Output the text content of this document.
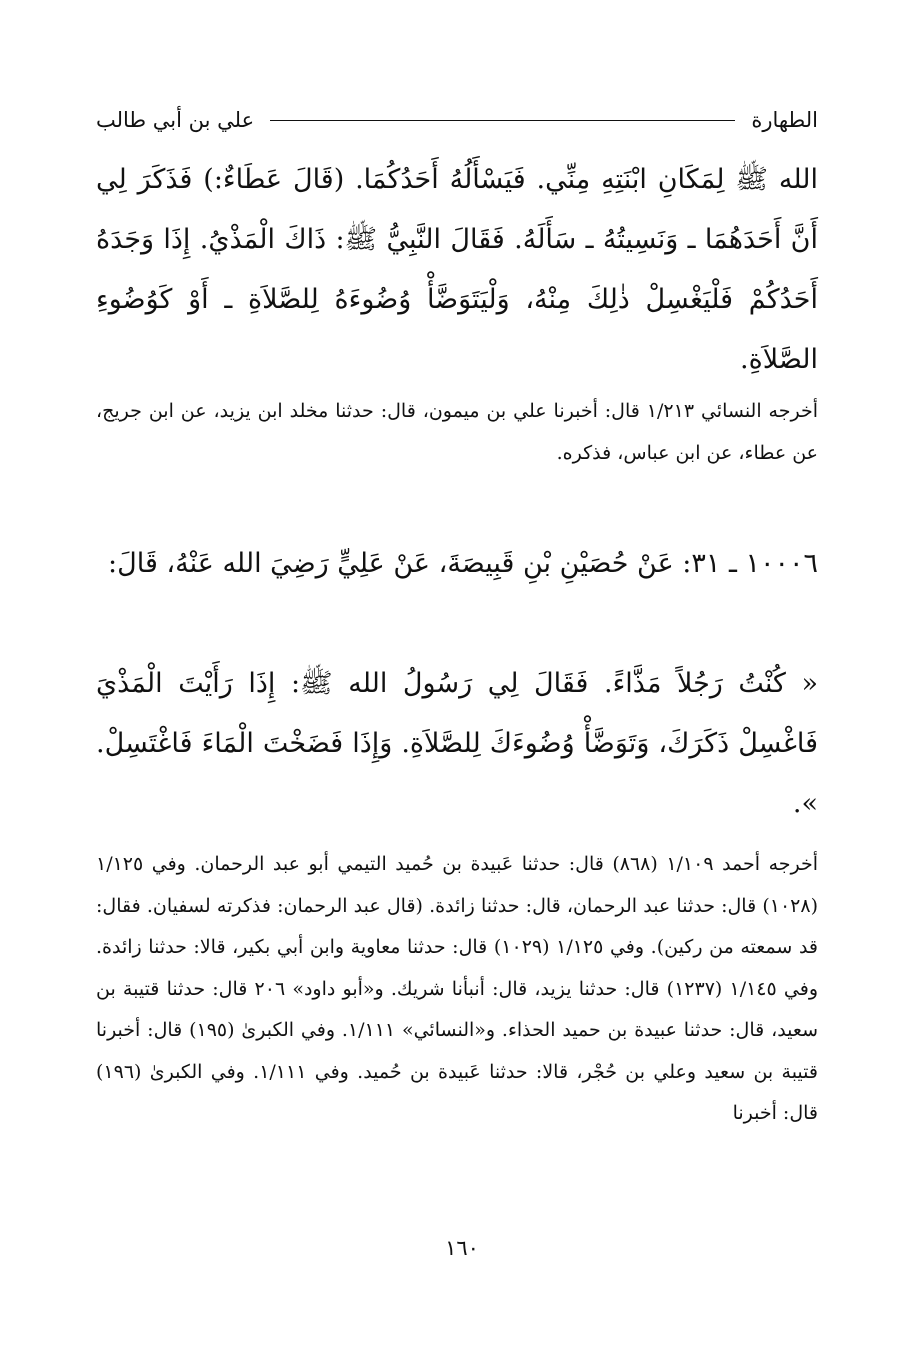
الطهارة
علي بن أبي طالب

الله ﷺ لِمَكَانِ ابْنَتِهِ مِنِّي. فَيَسْأَلُهُ أَحَدُكُمَا. (قَالَ عَطَاءٌ:) فَذَكَرَ لِي أَنَّ أَحَدَهُمَا ـ وَنَسِيتُهُ ـ سَأَلَهُ. فَقَالَ النَّبِيُّ ﷺ: ذَاكَ الْمَذْيُ. إِذَا وَجَدَهُ أَحَدُكُمْ فَلْيَغْسِلْ ذٰلِكَ مِنْهُ، وَلْيَتَوَضَّأْ وُضُوءَهُ لِلصَّلاَةِ ـ أَوْ كَوُضُوءِ الصَّلاَةِ.

أخرجه النسائي ١/٢١٣ قال: أخبرنا علي بن ميمون، قال: حدثنا مخلد ابن يزيد، عن ابن جريج، عن عطاء، عن ابن عباس، فذكره.

١٠٠٠٦ ـ ٣١: عَنْ حُصَيْنِ بْنِ قَبِيصَةَ، عَنْ عَلِيٍّ رَضِيَ الله عَنْهُ، قَالَ:

« كُنْتُ رَجُلاً مَذَّاءً. فَقَالَ لِي رَسُولُ الله ﷺ: إِذَا رَأَيْتَ الْمَذْيَ فَاغْسِلْ ذَكَرَكَ، وَتَوَضَّأْ وُضُوءَكَ لِلصَّلاَةِ. وَإِذَا فَضَخْتَ الْمَاءَ فَاغْتَسِلْ. ».

أخرجه أحمد ١/١٠٩ (٨٦٨) قال: حدثنا عَبيدة بن حُميد التيمي أبو عبد الرحمان. وفي ١/١٢٥ (١٠٢٨) قال: حدثنا عبد الرحمان، قال: حدثنا زائدة. (قال عبد الرحمان: فذكرته لسفيان. فقال: قد سمعته من ركين). وفي ١/١٢٥ (١٠٢٩) قال: حدثنا معاوية وابن أبي بكير، قالا: حدثنا زائدة. وفي ١/١٤٥ (١٢٣٧) قال: حدثنا يزيد، قال: أنبأنا شريك. و«أبو داود» ٢٠٦ قال: حدثنا قتيبة بن سعيد، قال: حدثنا عبيدة بن حميد الحذاء. و«النسائي» ١/١١١. وفي الكبرىٰ (١٩٥) قال: أخبرنا قتيبة بن سعيد وعلي بن حُجْر، قالا: حدثنا عَبيدة بن حُميد. وفي ١/١١١. وفي الكبرىٰ (١٩٦) قال: أخبرنا

١٦٠
